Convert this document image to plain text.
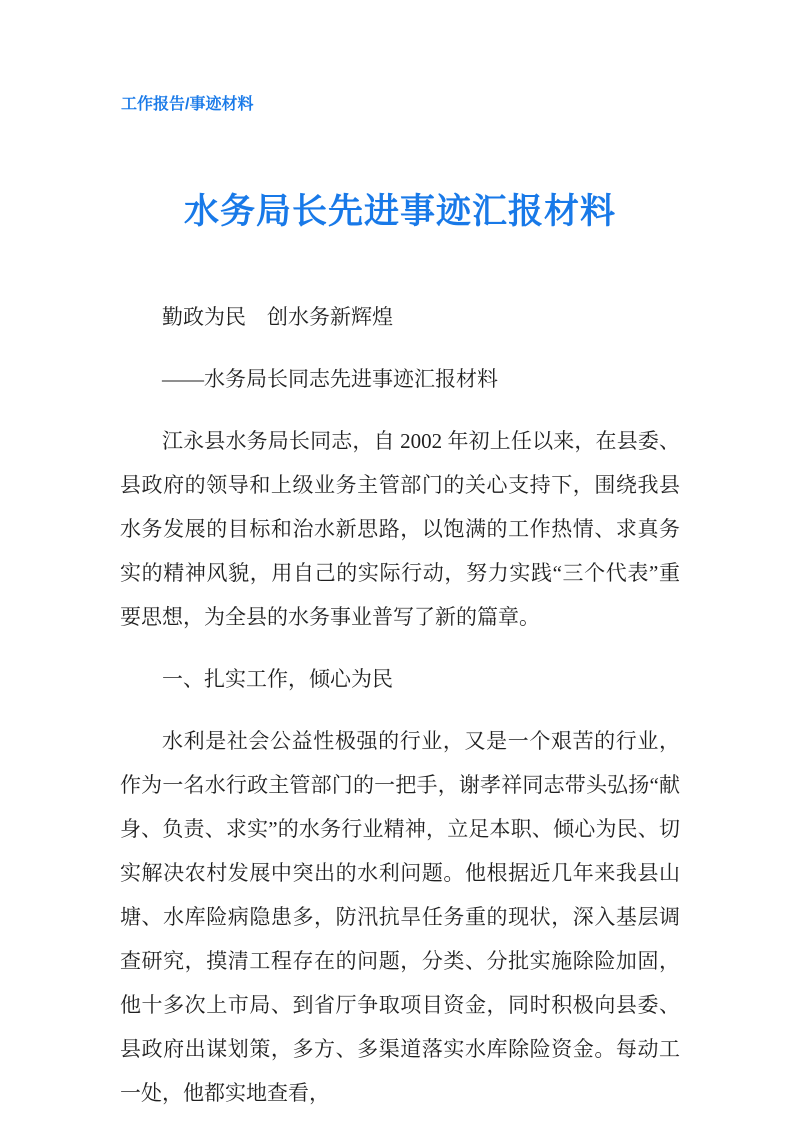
工作报告/事迹材料
水务局长先进事迹汇报材料

勤政为民　创水务新辉煌

——水务局长同志先进事迹汇报材料

江永县水务局长同志，自 2002 年初上任以来，在县委、县政府的领导和上级业务主管部门的关心支持下，围绕我县水务发展的目标和治水新思路，以饱满的工作热情、求真务实的精神风貌，用自己的实际行动，努力实践“三个代表”重要思想，为全县的水务事业普写了新的篇章。

一、扎实工作，倾心为民

水利是社会公益性极强的行业，又是一个艰苦的行业，作为一名水行政主管部门的一把手，谢孝祥同志带头弘扬“献身、负责、求实”的水务行业精神，立足本职、倾心为民、切实解决农村发展中突出的水利问题。他根据近几年来我县山塘、水库险病隐患多，防汛抗旱任务重的现状，深入基层调查研究，摸清工程存在的问题，分类、分批实施除险加固，他十多次上市局、到省厅争取项目资金，同时积极向县委、县政府出谋划策，多方、多渠道落实水库除险资金。每动工一处，他都实地查看，
